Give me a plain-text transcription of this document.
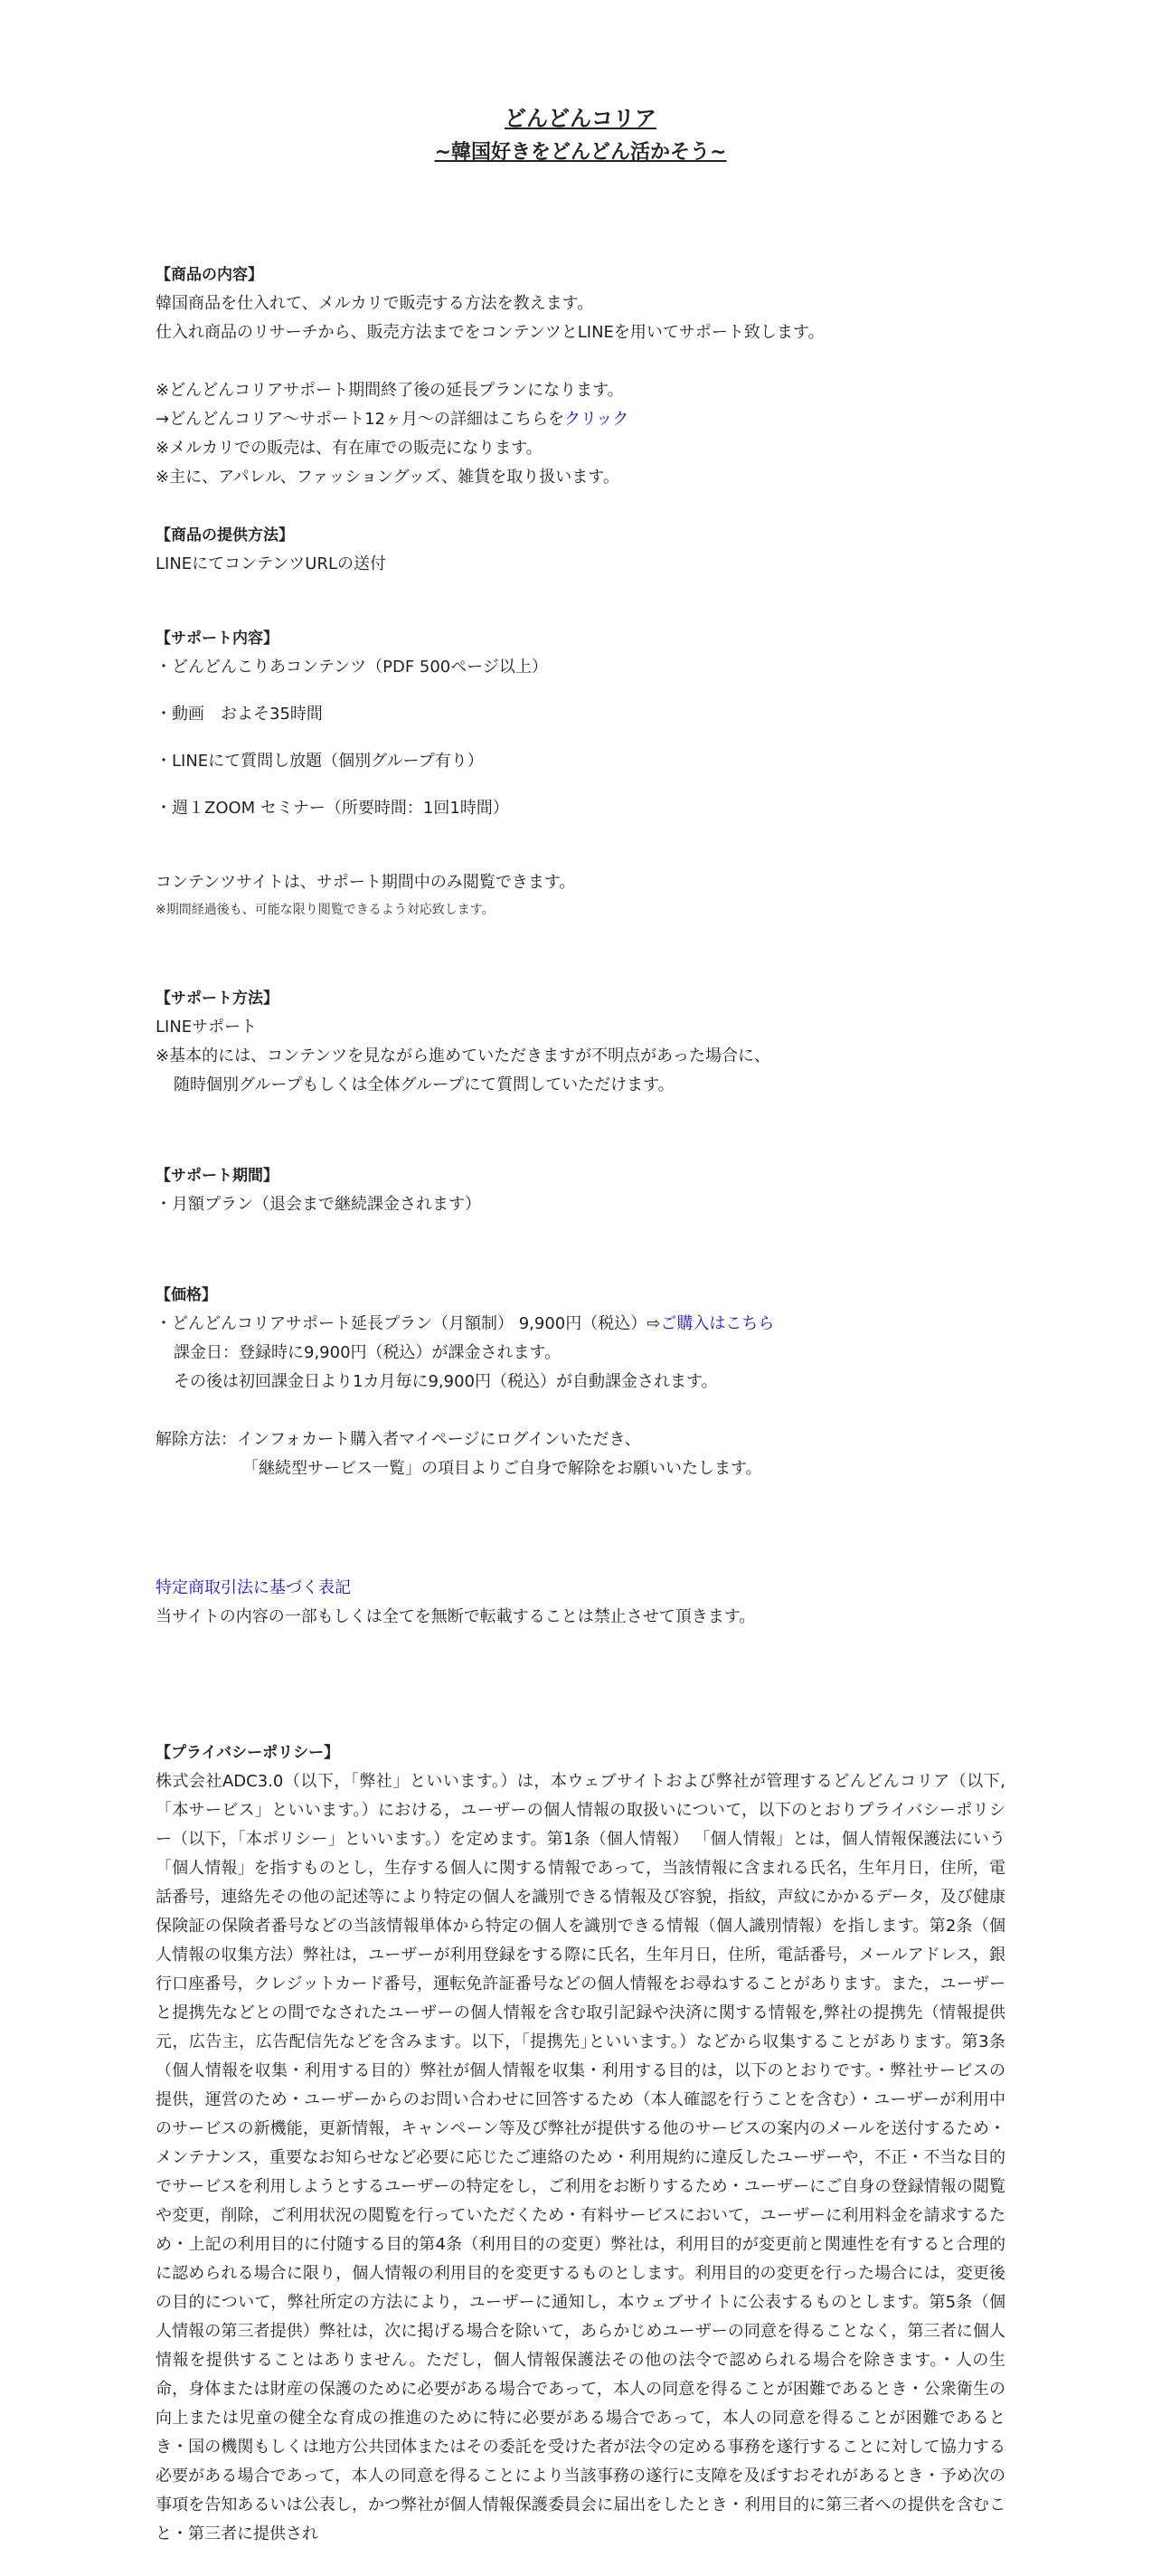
どんどんコリア
~韓国好きをどんどん活かそう~
【商品の内容】
韓国商品を仕入れて、メルカリで販売する方法を教えます。
仕入れ商品のリサーチから、販売方法までをコンテンツとLINEを用いてサポート致します。
※どんどんコリアサポート期間終了後の延長プランになります。
→どんどんコリア〜サポート12ヶ月〜の詳細はこちらをクリック
※メルカリでの販売は、有在庫での販売になります。
※主に、アパレル、ファッショングッズ、雑貨を取り扱います。
【商品の提供方法】
LINEにてコンテンツURLの送付
【サポート内容】
・どんどんこりあコンテンツ（PDF 500ページ以上）
・動画　およそ35時間
・LINEにて質問し放題（個別グループ有り）
・週１ZOOM セミナー（所要時間：1回1時間）
コンテンツサイトは、サポート期間中のみ閲覧できます。
※期間経過後も、可能な限り閲覧できるよう対応致します。
【サポート方法】
LINEサポート
※基本的には、コンテンツを見ながら進めていただきますが不明点があった場合に、
随時個別グループもしくは全体グループにて質問していただけます。
【サポート期間】
・月額プラン（退会まで継続課金されます）
【価格】
・どんどんコリアサポート延長プラン（月額制） 9,900円（税込）⇨ご購入はこちら
課金日：登録時に9,900円（税込）が課金されます。
その後は初回課金日より1カ月毎に9,900円（税込）が自動課金されます。
解除方法：インフォカート購入者マイページにログインいただき、
「継続型サービス一覧」の項目よりご自身で解除をお願いいたします。
特定商取引法に基づく表記
当サイトの内容の一部もしくは全てを無断で転載することは禁止させて頂きます。
【プライバシーポリシー】
株式会社ADC3.0（以下，「弊社」といいます。）は，本ウェブサイトおよび弊社が管理するどんどんコリア（以下,「本サービス」といいます。）における，ユーザーの個人情報の取扱いについて，以下のとおりプライバシーポリシー（以下，「本ポリシー」といいます。）を定めます。第1条（個人情報） 「個人情報」とは，個人情報保護法にいう「個人情報」を指すものとし，生存する個人に関する情報であって，当該情報に含まれる氏名，生年月日，住所，電話番号，連絡先その他の記述等により特定の個人を識別できる情報及び容貌，指紋，声紋にかかるデータ，及び健康保険証の保険者番号などの当該情報単体から特定の個人を識別できる情報（個人識別情報）を指します。第2条（個人情報の収集方法）弊社は，ユーザーが利用登録をする際に氏名，生年月日，住所，電話番号，メールアドレス，銀行口座番号，クレジットカード番号，運転免許証番号などの個人情報をお尋ねすることがあります。また，ユーザーと提携先などとの間でなされたユーザーの個人情報を含む取引記録や決済に関する情報を,弊社の提携先（情報提供元，広告主，広告配信先などを含みます。以下，｢提携先｣といいます。）などから収集することがあります。第3条（個人情報を収集・利用する目的）弊社が個人情報を収集・利用する目的は，以下のとおりです。・弊社サービスの提供，運営のため・ユーザーからのお問い合わせに回答するため（本人確認を行うことを含む）・ユーザーが利用中のサービスの新機能，更新情報，キャンペーン等及び弊社が提供する他のサービスの案内のメールを送付するため・メンテナンス，重要なお知らせなど必要に応じたご連絡のため・利用規約に違反したユーザーや，不正・不当な目的でサービスを利用しようとするユーザーの特定をし，ご利用をお断りするため・ユーザーにご自身の登録情報の閲覧や変更，削除，ご利用状況の閲覧を行っていただくため・有料サービスにおいて，ユーザーに利用料金を請求するため・上記の利用目的に付随する目的第4条（利用目的の変更）弊社は，利用目的が変更前と関連性を有すると合理的に認められる場合に限り，個人情報の利用目的を変更するものとします。利用目的の変更を行った場合には，変更後の目的について，弊社所定の方法により，ユーザーに通知し，本ウェブサイトに公表するものとします。第5条（個人情報の第三者提供）弊社は，次に掲げる場合を除いて，あらかじめユーザーの同意を得ることなく，第三者に個人情報を提供することはありません。ただし，個人情報保護法その他の法令で認められる場合を除きます。・人の生命，身体または財産の保護のために必要がある場合であって，本人の同意を得ることが困難であるとき・公衆衛生の向上または児童の健全な育成の推進のために特に必要がある場合であって，本人の同意を得ることが困難であるとき・国の機関もしくは地方公共団体またはその委託を受けた者が法令の定める事務を遂行することに対して協力する必要がある場合であって，本人の同意を得ることにより当該事務の遂行に支障を及ぼすおそれがあるとき・予め次の事項を告知あるいは公表し，かつ弊社が個人情報保護委員会に届出をしたとき・利用目的に第三者への提供を含むこと・第三者に提供され
